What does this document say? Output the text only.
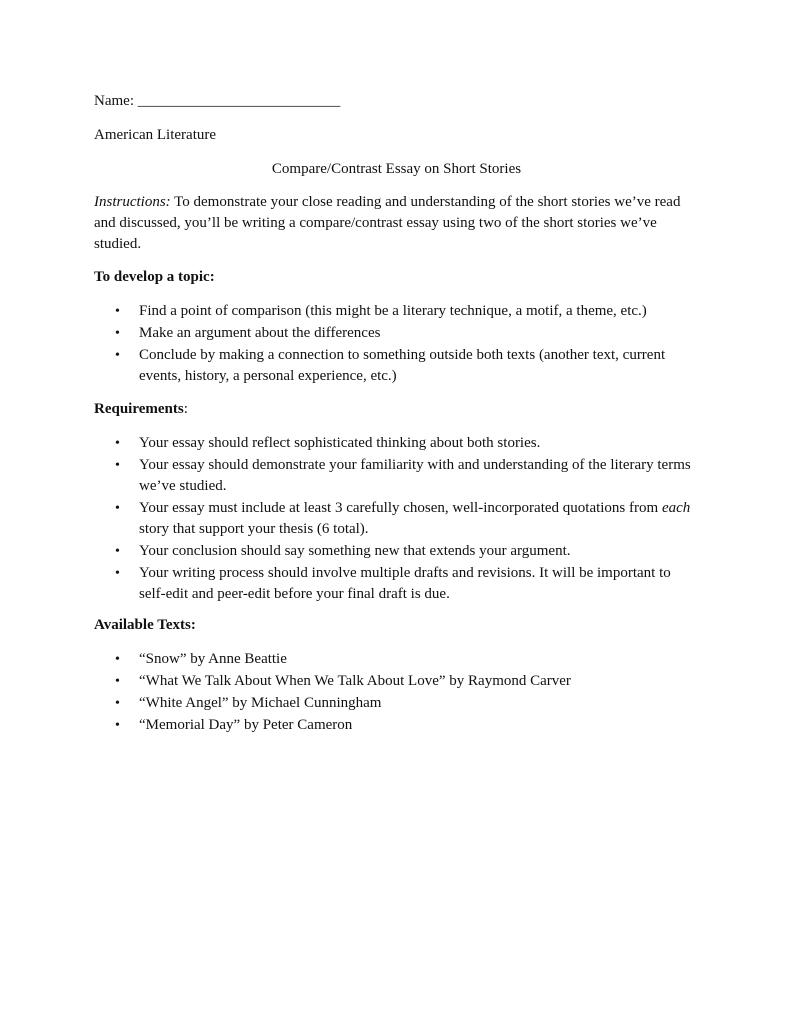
Name: ___________________________
American Literature
Compare/Contrast Essay on Short Stories
Instructions: To demonstrate your close reading and understanding of the short stories we’ve read and discussed, you’ll be writing a compare/contrast essay using two of the short stories we’ve studied.
To develop a topic:
• Find a point of comparison (this might be a literary technique, a motif, a theme, etc.)
• Make an argument about the differences
• Conclude by making a connection to something outside both texts (another text, current events, history, a personal experience, etc.)
Requirements:
• Your essay should reflect sophisticated thinking about both stories.
• Your essay should demonstrate your familiarity with and understanding of the literary terms we’ve studied.
• Your essay must include at least 3 carefully chosen, well-incorporated quotations from each story that support your thesis (6 total).
• Your conclusion should say something new that extends your argument.
• Your writing process should involve multiple drafts and revisions. It will be important to self-edit and peer-edit before your final draft is due.
Available Texts:
• “Snow” by Anne Beattie
• “What We Talk About When We Talk About Love” by Raymond Carver
• “White Angel” by Michael Cunningham
• “Memorial Day” by Peter Cameron
